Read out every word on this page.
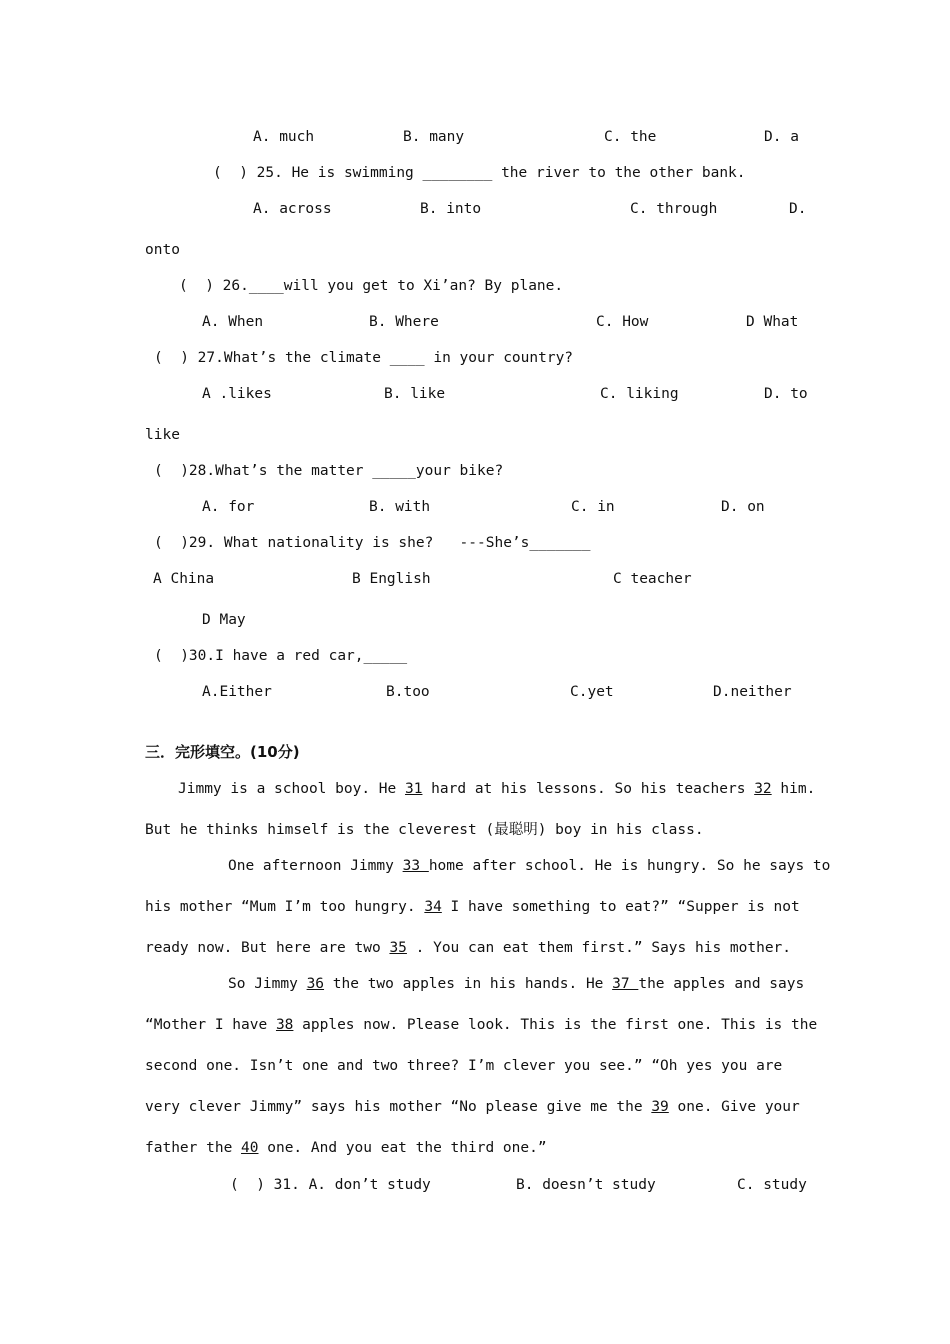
A. much	B. many	C. the	D. a
(  ) 25. He is swimming ________ the river to the other bank.
A. across	B. into	C. through	D.
onto
(  ) 26.____will you get to Xi’an? By plane.
A. When	B. Where	C. How	D What
(  ) 27.What’s the climate ____ in your country?
A .likes	B. like	C. liking	D. to
like
(  )28.What’s the matter _____your bike?
A. for	B. with	C. in	D. on
(  )29. What nationality is she?   ---She’s_______
A China	B English	C teacher
D May
(  )30.I have a red car,_____
A.Either	B.too	C.yet	D.neither
三．完形填空。(10分)
Jimmy is a school boy. He 31 hard at his lessons. So his teachers 32 him.
But he thinks himself is the cleverest (最聪明) boy in his class.
One afternoon Jimmy 33 home after school. He is hungry. So he says to
his mother “Mum I’m too hungry. 34 I have something to eat?” “Supper is not
ready now. But here are two 35 . You can eat them first.” Says his mother.
So Jimmy 36 the two apples in his hands. He 37 the apples and says
“Mother I have 38 apples now. Please look. This is the first one. This is the
second one. Isn’t one and two three? I’m clever you see.” “Oh yes you are
very clever Jimmy” says his mother “No please give me the 39 one. Give your
father the 40 one. And you eat the third one.”
(  ) 31. A. don’t study	B. doesn’t study	C. study
